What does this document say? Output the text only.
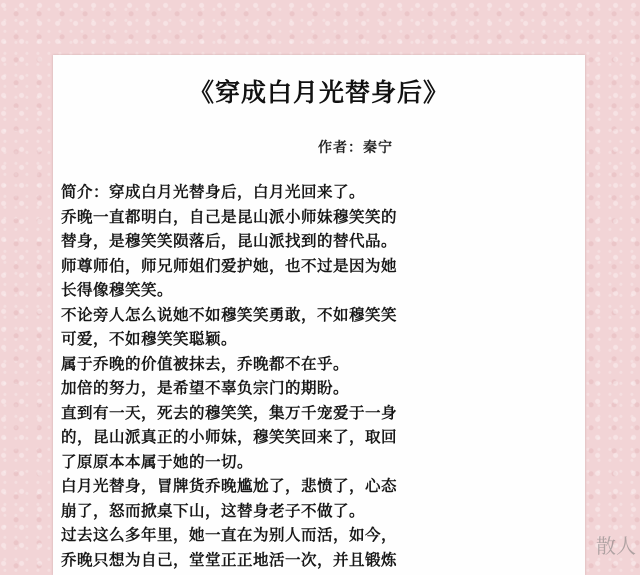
《穿成白月光替身后》
作者：秦宁
简介：穿成白月光替身后，白月光回来了。
乔晚一直都明白，自己是昆山派小师妹穆笑笑的
替身，是穆笑笑陨落后，昆山派找到的替代品。
师尊师伯，师兄师姐们爱护她，也不过是因为她
长得像穆笑笑。
不论旁人怎么说她不如穆笑笑勇敢，不如穆笑笑
可爱，不如穆笑笑聪颖。
属于乔晚的价值被抹去，乔晚都不在乎。
加倍的努力，是希望不辜负宗门的期盼。
直到有一天，死去的穆笑笑，集万千宠爱于一身
的，昆山派真正的小师妹，穆笑笑回来了，取回
了原原本本属于她的一切。
白月光替身，冒牌货乔晚尴尬了，悲愤了，心态
崩了，怒而掀桌下山，这替身老子不做了。
过去这么多年里，她一直在为别人而活，如今，
乔晚只想为自己，堂堂正正地活一次，并且锻炼
散人
